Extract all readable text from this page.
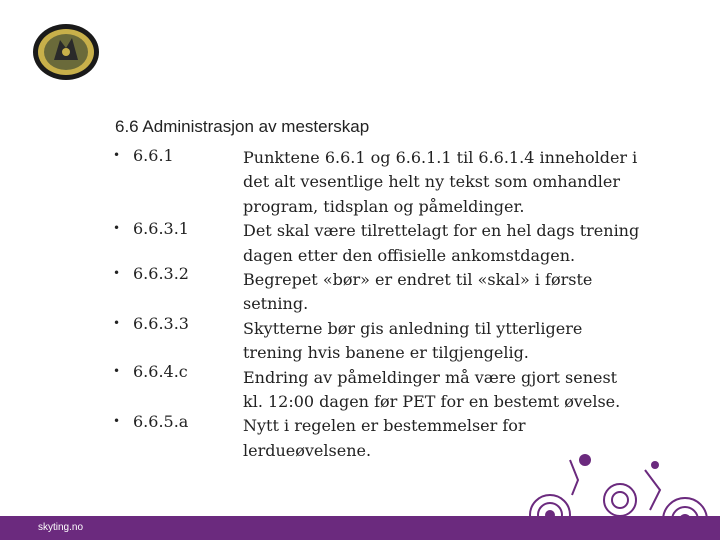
6.6 Administrasjon av mesterskap
• 6.6.1
• 6.6.3.1
• 6.6.3.2
• 6.6.3.3
• 6.6.4.c
• 6.6.5.a
Punktene 6.6.1 og 6.6.1.1 til 6.6.1.4 inneholder i
det alt vesentlige helt ny tekst som omhandler
program, tidsplan og påmeldinger.
Det skal være tilrettelagt for en hel dags trening
dagen etter den offisielle ankomstdagen.
Begrepet «bør» er endret til «skal» i første
setning.
Skytterne bør gis anledning til ytterligere
trening hvis banene er tilgjengelig.
Endring av påmeldinger må være gjort senest
kl. 12:00 dagen før PET for en bestemt øvelse.
Nytt i regelen er bestemmelser for
lerdueøvelsene.
skyting.no
